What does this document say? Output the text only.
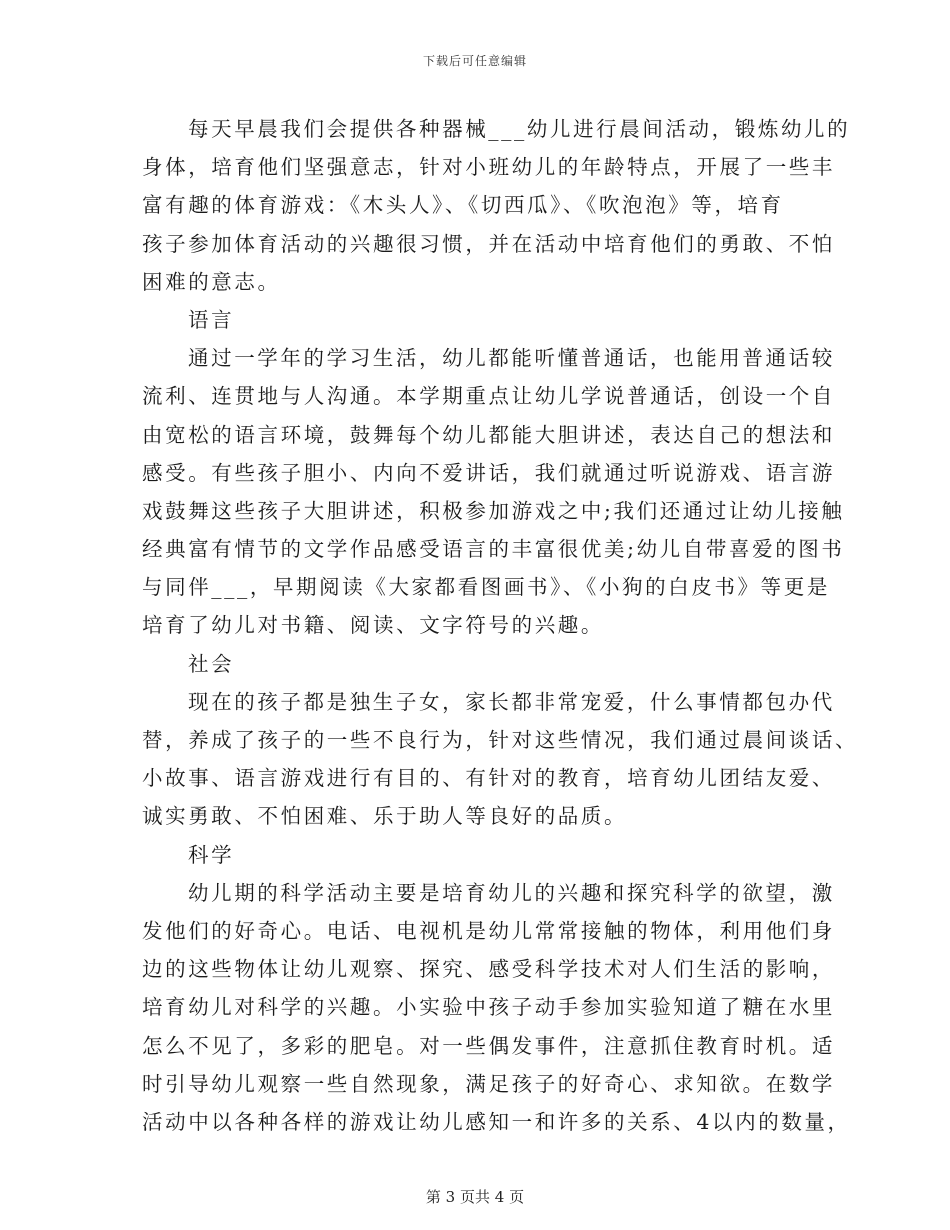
下载后可任意编辑
每天早晨我们会提供各种器械___幼儿进行晨间活动，锻炼幼儿的
身体，培育他们坚强意志，针对小班幼儿的年龄特点，开展了一些丰
富有趣的体育游戏：《木头人》、《切西瓜》、《吹泡泡》等，培育
孩子参加体育活动的兴趣很习惯，并在活动中培育他们的勇敢、不怕
困难的意志。
语言
通过一学年的学习生活，幼儿都能听懂普通话，也能用普通话较
流利、连贯地与人沟通。本学期重点让幼儿学说普通话，创设一个自
由宽松的语言环境，鼓舞每个幼儿都能大胆讲述，表达自己的想法和
感受。有些孩子胆小、内向不爱讲话，我们就通过听说游戏、语言游
戏鼓舞这些孩子大胆讲述，积极参加游戏之中;我们还通过让幼儿接触
经典富有情节的文学作品感受语言的丰富很优美;幼儿自带喜爱的图书
与同伴___，早期阅读《大家都看图画书》、《小狗的白皮书》等更是
培育了幼儿对书籍、阅读、文字符号的兴趣。
社会
现在的孩子都是独生子女，家长都非常宠爱，什么事情都包办代
替，养成了孩子的一些不良行为，针对这些情况，我们通过晨间谈话、
小故事、语言游戏进行有目的、有针对的教育，培育幼儿团结友爱、
诚实勇敢、不怕困难、乐于助人等良好的品质。
科学
幼儿期的科学活动主要是培育幼儿的兴趣和探究科学的欲望，激
发他们的好奇心。电话、电视机是幼儿常常接触的物体，利用他们身
边的这些物体让幼儿观察、探究、感受科学技术对人们生活的影响，
培育幼儿对科学的兴趣。小实验中孩子动手参加实验知道了糖在水里
怎么不见了，多彩的肥皂。对一些偶发事件，注意抓住教育时机。适
时引导幼儿观察一些自然现象，满足孩子的好奇心、求知欲。在数学
活动中以各种各样的游戏让幼儿感知一和许多的关系、4以内的数量，
第 3 页共 4 页
